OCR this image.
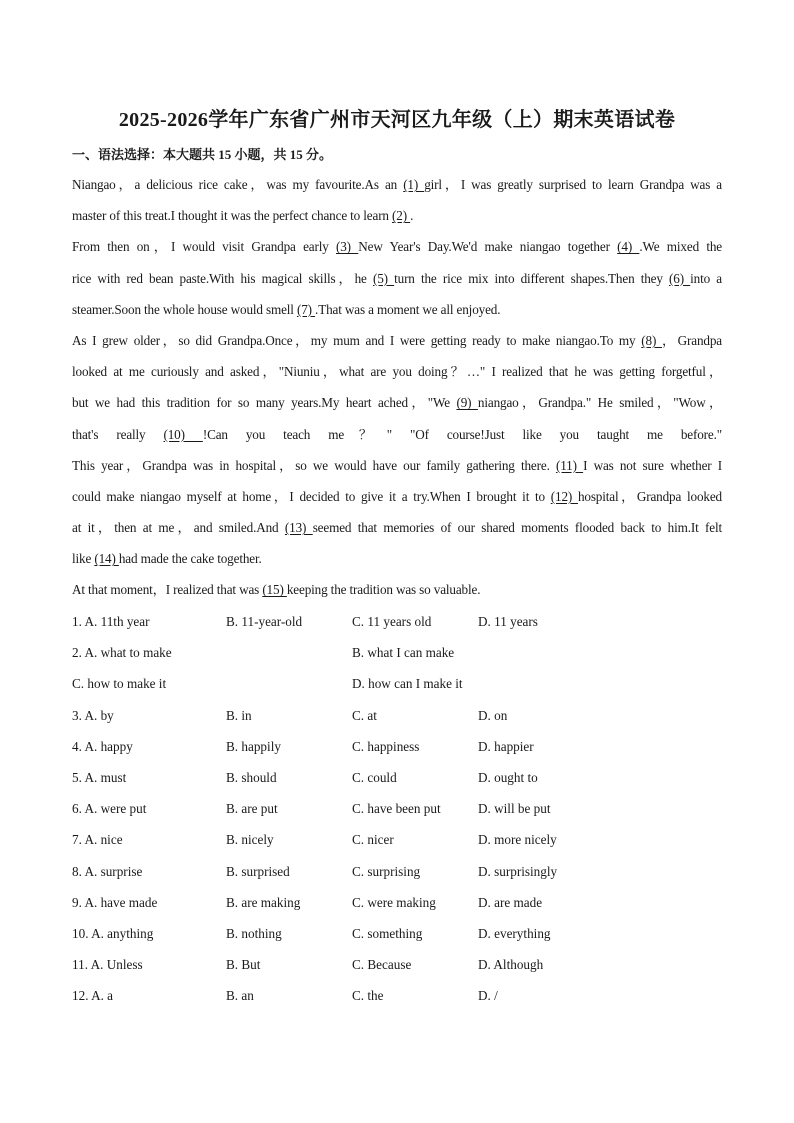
2025-2026学年广东省广州市天河区九年级（上）期末英语试卷
一、语法选择：本大题共 15 小题，共 15 分。
Niangao，a delicious rice cake，was my favourite.As an (1) girl，I was greatly surprised to learn Grandpa was a
master of this treat.I thought it was the perfect chance to learn (2) .
From then on，I would visit Grandpa early (3) New Year's Day.We'd make niangao together (4) .We mixed the
rice with red bean paste.With his magical skills，he (5) turn the rice mix into different shapes.Then they (6) into a
steamer.Soon the whole house would smell (7) .That was a moment we all enjoyed.
As I grew older，so did Grandpa.Once，my mum and I were getting ready to make niangao.To my (8) ，Grandpa
looked at me curiously and asked，"Niuniu，what are you doing？…" I realized that he was getting forgetful，
but we had this tradition for so many years.My heart ached，"We (9) niangao，Grandpa." He smiled，"Wow，
that's really (10) !Can you teach me？" "Of course!Just like you taught me before."
This year，Grandpa was in hospital，so we would have our family gathering there. (11) I was not sure whether I
could make niangao myself at home，I decided to give it a try.When I brought it to (12) hospital，Grandpa looked
at it，then at me，and smiled.And (13) seemed that memories of our shared moments flooded back to him.It felt
like (14) had made the cake together.
At that moment，I realized that was (15) keeping the tradition was so valuable.
1. A. 11th year	B. 11-year-old	C. 11 years old	D. 11 years
2. A. what to make	B. what I can make
C. how to make it	D. how can I make it
3. A. by	B. in	C. at	D. on
4. A. happy	B. happily	C. happiness	D. happier
5. A. must	B. should	C. could	D. ought to
6. A. were put	B. are put	C. have been put	D. will be put
7. A. nice	B. nicely	C. nicer	D. more nicely
8. A. surprise	B. surprised	C. surprising	D. surprisingly
9. A. have made	B. are making	C. were making	D. are made
10. A. anything	B. nothing	C. something	D. everything
11. A. Unless	B. But	C. Because	D. Although
12. A. a	B. an	C. the	D. /
